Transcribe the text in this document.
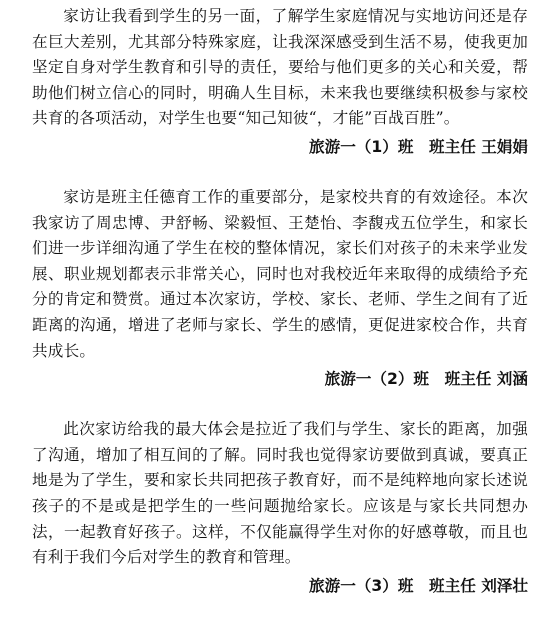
家访让我看到学生的另一面，了解学生家庭情况与实地访问还是存在巨大差别，尤其部分特殊家庭，让我深深感受到生活不易，使我更加坚定自身对学生教育和引导的责任，要给与他们更多的关心和关爱，帮助他们树立信心的同时，明确人生目标，未来我也要继续积极参与家校共育的各项活动，对学生也要“知己知彼“，才能”百战百胜”。

旅游一（1）班　班主任 王娟娟

家访是班主任德育工作的重要部分，是家校共育的有效途径。本次我家访了周忠博、尹舒畅、梁毅恒、王楚怡、李馥戎五位学生，和家长们进一步详细沟通了学生在校的整体情况，家长们对孩子的未来学业发展、职业规划都表示非常关心，同时也对我校近年来取得的成绩给予充分的肯定和赞赏。通过本次家访，学校、家长、老师、学生之间有了近距离的沟通，增进了老师与家长、学生的感情，更促进家校合作，共育共成长。

旅游一（2）班　班主任 刘涵

此次家访给我的最大体会是拉近了我们与学生、家长的距离，加强了沟通，增加了相互间的了解。同时我也觉得家访要做到真诚，要真正地是为了学生，要和家长共同把孩子教育好，而不是纯粹地向家长述说孩子的不是或是把学生的一些问题抛给家长。应该是与家长共同想办法，一起教育好孩子。这样，不仅能赢得学生对你的好感尊敬，而且也有利于我们今后对学生的教育和管理。

旅游一（3）班　班主任 刘泽壮
